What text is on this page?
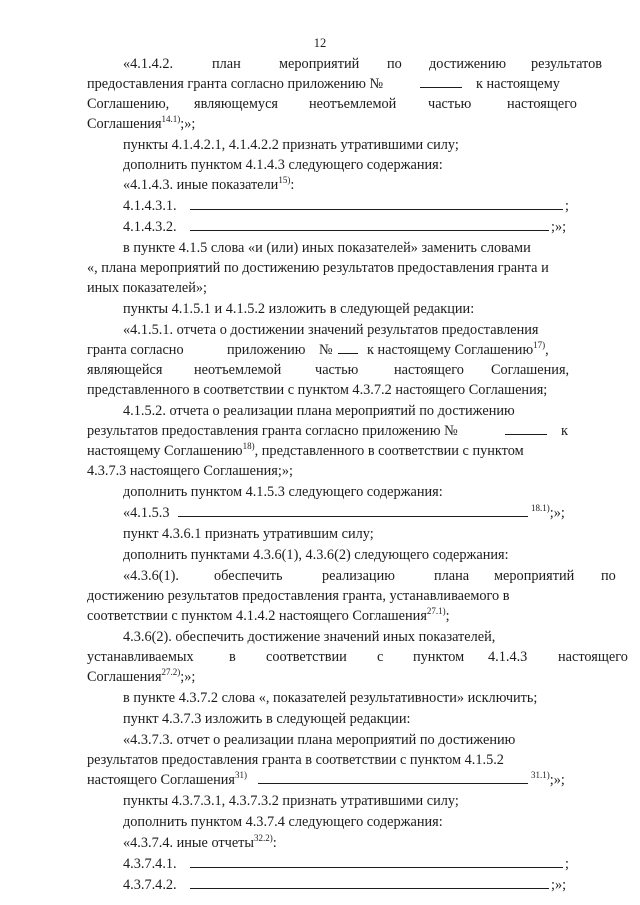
12
«4.1.4.2.	план	мероприятий по достижению результатов
предоставления гранта согласно приложению №	к настоящему
Соглашению, являющемуся неотъемлемой частью настоящего
Соглашения$^{14.1)}$;»;
пункты 4.1.4.2.1, 4.1.4.2.2 признать утратившими силу;
дополнить пунктом 4.1.4.3 следующего содержания:
«4.1.4.3. иные показатели$^{15)}$:
4.1.4.3.1.	;
4.1.4.3.2.	;»;
в пункте 4.1.5 слова «и (или) иных показателей» заменить словами
«, плана мероприятий по достижению результатов предоставления гранта и
иных показателей»;
пункты 4.1.5.1 и 4.1.5.2 изложить в следующей редакции:
«4.1.5.1. отчета о достижении значений результатов предоставления
гранта согласно	приложению № к настоящему Соглашению$^{17)}$,
являющейся неотъемлемой частью настоящего Соглашения,
представленного в соответствии с пунктом 4.3.7.2 настоящего Соглашения;
4.1.5.2. отчета о реализации плана мероприятий по достижению
результатов предоставления гранта согласно приложению №	к
настоящему Соглашению$^{18)}$, представленного в соответствии с пунктом
4.3.7.3 настоящего Соглашения;»;
дополнить пунктом 4.1.5.3 следующего содержания:
«4.1.5.3	$^{18.1)}$;»;
пункт 4.3.6.1 признать утратившим силу;
дополнить пунктами 4.3.6(1), 4.3.6(2) следующего содержания:
«4.3.6(1). обеспечить	реализацию	плана мероприятий по
достижению результатов предоставления гранта, устанавливаемого в
соответствии с пунктом 4.1.4.2 настоящего Соглашения$^{27.1)}$;
4.3.6(2). обеспечить достижение значений иных показателей,
устанавливаемых в соответствии с пунктом 4.1.4.3 настоящего
Соглашения$^{27.2)}$;»;
в пункте 4.3.7.2 слова «, показателей результативности» исключить;
пункт 4.3.7.3 изложить в следующей редакции:
«4.3.7.3. отчет о реализации плана мероприятий по достижению
результатов предоставления гранта в соответствии с пунктом 4.1.5.2
настоящего Соглашения$^{31)}$	$^{31.1)}$;»;
пункты 4.3.7.3.1, 4.3.7.3.2 признать утратившими силу;
дополнить пунктом 4.3.7.4 следующего содержания:
«4.3.7.4. иные отчеты$^{32.2)}$:
4.3.7.4.1.	;
4.3.7.4.2.	;»;
